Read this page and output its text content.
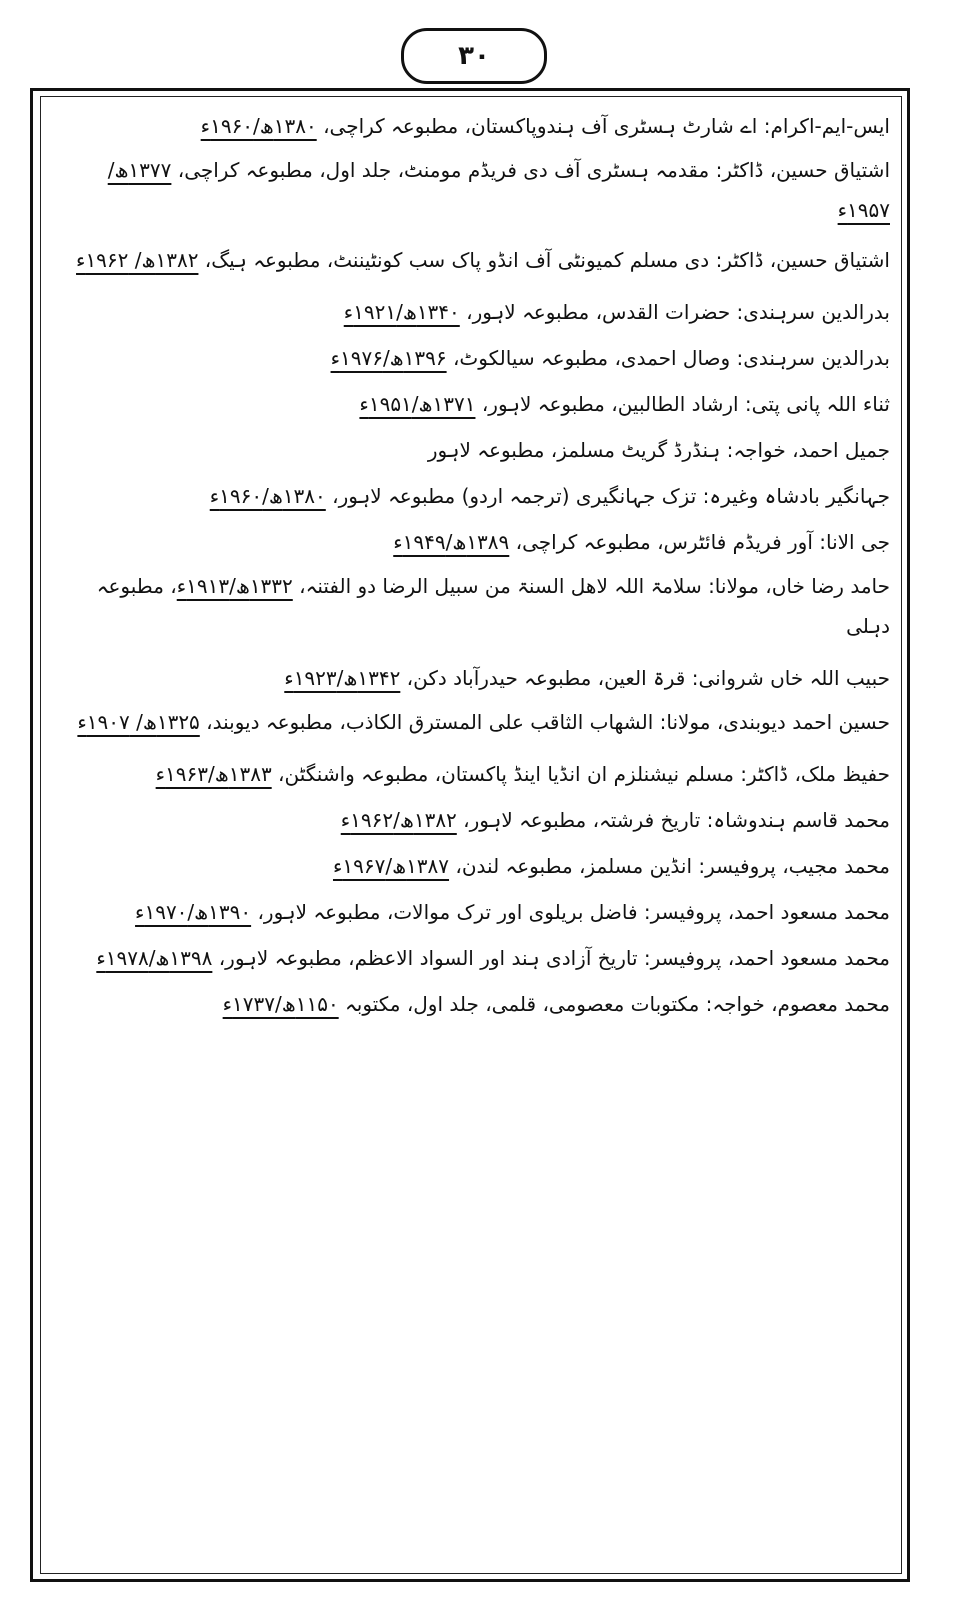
۳۰
ایس-ایم-اکرام: اے شارٹ ہسٹری آف ہندوپاکستان، مطبوعہ کراچی، ۱۳۸۰ھ/۱۹۶۰ء
اشتیاق حسین، ڈاکٹر: مقدمہ ہسٹری آف دی فریڈم مومنٹ، جلد اول، مطبوعہ کراچی، ۱۳۷۷ھ/ ۱۹۵۷ء
اشتیاق حسین، ڈاکٹر: دی مسلم کمیونٹی آف انڈو پاک سب کونٹیننٹ، مطبوعہ ہیگ، ۱۳۸۲ھ/ ۱۹۶۲ء
بدرالدین سرہندی: حضرات القدس، مطبوعہ لاہور، ۱۳۴۰ھ/۱۹۲۱ء
بدرالدین سرہندی: وصال احمدی، مطبوعہ سیالکوٹ، ۱۳۹۶ھ/۱۹۷۶ء
ثناء اللہ پانی پتی: ارشاد الطالبین، مطبوعہ لاہور، ۱۳۷۱ھ/۱۹۵۱ء
جمیل احمد، خواجہ: ہنڈرڈ گریٹ مسلمز، مطبوعہ لاہور
جہانگیر بادشاہ وغیرہ: تزک جہانگیری (ترجمہ اردو) مطبوعہ لاہور، ۱۳۸۰ھ/۱۹۶۰ء
جی الانا: آور فریڈم فائٹرس، مطبوعہ کراچی، ۱۳۸۹ھ/۱۹۴۹ء
حامد رضا خاں، مولانا: سلامۃ اللہ لاھل السنۃ من سبیل الرضا دو الفتنہ، ۱۳۳۲ھ/۱۹۱۳ء، مطبوعہ دہلی
حبیب اللہ خاں شروانی: قرۃ العین، مطبوعہ حیدرآباد دکن، ۱۳۴۲ھ/۱۹۲۳ء
حسین احمد دیوبندی، مولانا: الشھاب الثاقب علی المسترق الکاذب، مطبوعہ دیوبند، ۱۳۲۵ھ/ ۱۹۰۷ء
حفیظ ملک، ڈاکٹر: مسلم نیشنلزم ان انڈیا اینڈ پاکستان، مطبوعہ واشنگٹن، ۱۳۸۳ھ/۱۹۶۳ء
محمد قاسم ہندوشاہ: تاریخ فرشتہ، مطبوعہ لاہور، ۱۳۸۲ھ/۱۹۶۲ء
محمد مجیب، پروفیسر: انڈین مسلمز، مطبوعہ لندن، ۱۳۸۷ھ/۱۹۶۷ء
محمد مسعود احمد، پروفیسر: فاضل بریلوی اور ترک موالات، مطبوعہ لاہور، ۱۳۹۰ھ/۱۹۷۰ء
محمد مسعود احمد، پروفیسر: تاریخ آزادی ہند اور السواد الاعظم، مطبوعہ لاہور، ۱۳۹۸ھ/۱۹۷۸ء
محمد معصوم، خواجہ: مکتوبات معصومی، قلمی، جلد اول، مکتوبہ ۱۱۵۰ھ/۱۷۳۷ء
